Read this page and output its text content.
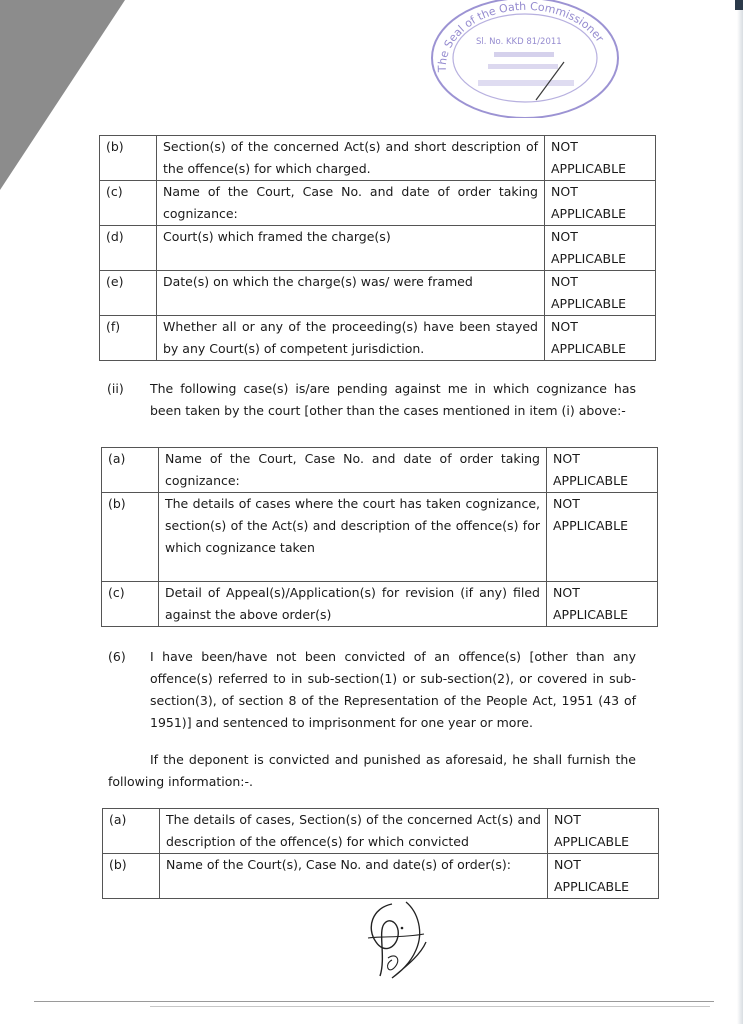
The Seal of the Oath Commissioner
Sl. No. KKD 81/2011
(b)	Section(s) of the concerned Act(s) and short description of the offence(s) for which charged.	NOT APPLICABLE
(c)	Name of the Court, Case No. and date of order taking cognizance:	NOT APPLICABLE
(d)	Court(s) which framed the charge(s)	NOT APPLICABLE
(e)	Date(s) on which the charge(s) was/ were framed	NOT APPLICABLE
(f)	Whether all or any of the proceeding(s) have been stayed by any Court(s) of competent jurisdiction.	NOT APPLICABLE
(ii) The following case(s) is/are pending against me in which cognizance has been taken by the court [other than the cases mentioned in item (i) above:-
(a)	Name of the Court, Case No. and date of order taking cognizance:	NOT APPLICABLE
(b)	The details of cases where the court has taken cognizance, section(s) of the Act(s) and description of the offence(s) for which cognizance taken	NOT APPLICABLE
(c)	Detail of Appeal(s)/Application(s) for revision (if any) filed against the above order(s)	NOT APPLICABLE
(6) I have been/have not been convicted of an offence(s) [other than any offence(s) referred to in sub-section(1) or sub-section(2), or covered in sub-section(3), of section 8 of the Representation of the People Act, 1951 (43 of 1951)] and sentenced to imprisonment for one year or more.
If the deponent is convicted and punished as aforesaid, he shall furnish the following information:-.
(a)	The details of cases, Section(s) of the concerned Act(s) and description of the offence(s) for which convicted	NOT APPLICABLE
(b)	Name of the Court(s), Case No. and date(s) of order(s):	NOT APPLICABLE
